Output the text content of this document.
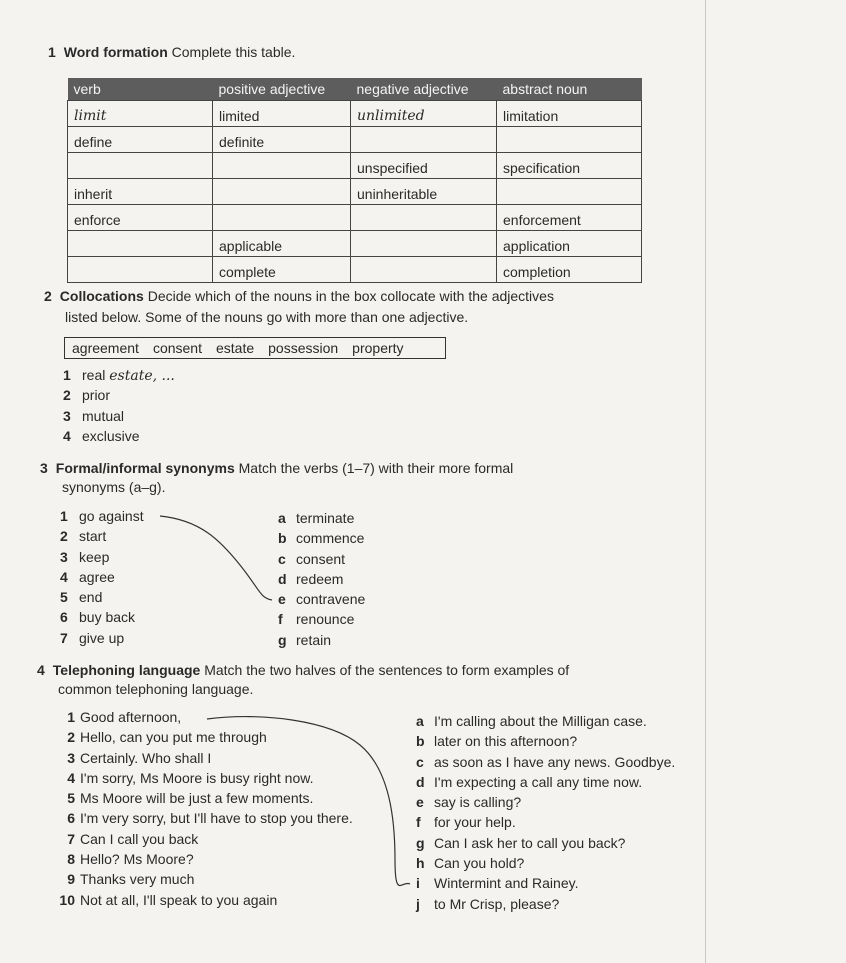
1 Word formation Complete this table.
verb	positive adjective	negative adjective	abstract noun
limit	limited	unlimited	limitation
define	definite		
		unspecified	specification
inherit		uninheritable	
enforce			enforcement
	applicable		application
	complete		completion
2 Collocations Decide which of the nouns in the box collocate with the adjectives
listed below. Some of the nouns go with more than one adjective.
agreement consent estate possession property
1 real estate, ...
2 prior
3 mutual
4 exclusive
3 Formal/informal synonyms Match the verbs (1–7) with their more formal
synonyms (a–g).
1 go against
2 start
3 keep
4 agree
5 end
6 buy back
7 give up
a terminate
b commence
c consent
d redeem
e contravene
f renounce
g retain
4 Telephoning language Match the two halves of the sentences to form examples of
common telephoning language.
1 Good afternoon,
2 Hello, can you put me through
3 Certainly. Who shall I
4 I'm sorry, Ms Moore is busy right now.
5 Ms Moore will be just a few moments.
6 I'm very sorry, but I'll have to stop you there.
7 Can I call you back
8 Hello? Ms Moore?
9 Thanks very much
10 Not at all, I'll speak to you again
a I'm calling about the Milligan case.
b later on this afternoon?
c as soon as I have any news. Goodbye.
d I'm expecting a call any time now.
e say is calling?
f for your help.
g Can I ask her to call you back?
h Can you hold?
i Wintermint and Rainey.
j to Mr Crisp, please?
